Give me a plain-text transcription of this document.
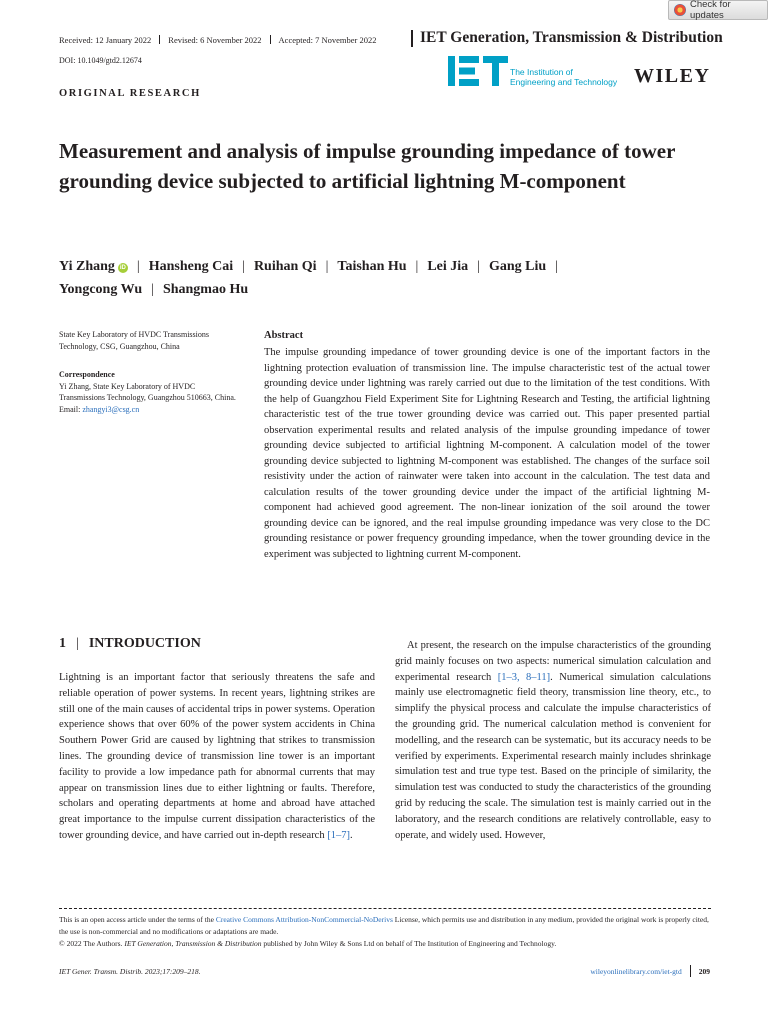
Check for updates
Received: 12 January 2022 Revised: 6 November 2022 Accepted: 7 November 2022	IET Generation, Transmission & Distribution
DOI: 10.1049/gtd2.12674
The Institution of
Engineering and Technology WILEY
ORIGINAL RESEARCH
Measurement and analysis of impulse grounding impedance of tower grounding device subjected to artificial lightning M-component
Yi Zhang iD | Hansheng Cai | Ruihan Qi | Taishan Hu | Lei Jia | Gang Liu |
Yongcong Wu | Shangmao Hu
State Key Laboratory of HVDC Transmissions Technology, CSG, Guangzhou, China
Correspondence
Yi Zhang, State Key Laboratory of HVDC Transmissions Technology, Guangzhou 510663, China.
Email: zhangyi3@csg.cn
Abstract

The impulse grounding impedance of tower grounding device is one of the important factors in the lightning protection evaluation of transmission line. The impulse characteristic test of the actual tower grounding device under lightning was rarely carried out due to the limitation of the test conditions. With the help of Guangzhou Field Experiment Site for Lightning Research and Testing, the artificial lightning characteristic test of the true tower grounding device was carried out. This paper presented partial observation experimental results and related analysis of the impulse grounding impedance of tower grounding device subjected to artificial lightning M-component. A calculation model of the tower grounding device subjected to lightning M-component was established. The changes of the surface soil resistivity under the action of rainwater were taken into account in the calculation. The test data and calculation results of the tower grounding device under the impact of the artificial lightning M-component had achieved good agreement. The non-linear ionization of the soil around the tower grounding device can be ignored, and the real impulse grounding impedance was very close to the DC grounding resistance or power frequency grounding impedance, when the tower grounding device in the experiment was subjected to lightning current M-component.

1 | INTRODUCTION

Lightning is an important factor that seriously threatens the safe and reliable operation of power systems. In recent years, lightning strikes are still one of the main causes of accidental trips in power systems. Operation experience shows that over 60% of the power system accidents in China Southern Power Grid are caused by lightning that strikes to transmission lines. The grounding device of transmission line tower is an important facility to provide a low impedance path for abnormal currents that may appear on transmission lines due to either lightning or faults. Therefore, scholars and operating departments at home and abroad have attached great importance to the impulse current dissipation characteristics of the tower grounding device, and have carried out in-depth research [1–7].

At present, the research on the impulse characteristics of the grounding grid mainly focuses on two aspects: numerical simulation calculation and experimental research [1–3, 8–11]. Numerical simulation calculations mainly use electromagnetic field theory, transmission line theory, etc., to simplify the physical process and calculate the impulse characteristics of the grounding grid. The numerical calculation method is convenient for modelling, and the research can be systematic, but its accuracy needs to be verified by experiments. Experimental research mainly includes shrinkage simulation test and true type test. Based on the principle of similarity, the simulation test was conducted to study the characteristics of the grounding grid by reducing the scale. The simulation test is mainly carried out in the laboratory, and the research conditions are relatively controllable, easy to operate, and widely used. However,

This is an open access article under the terms of the Creative Commons Attribution-NonCommercial-NoDerivs License, which permits use and distribution in any medium, provided the original work is properly cited, the use is non-commercial and no modifications or adaptations are made.
© 2022 The Authors. IET Generation, Transmission & Distribution published by John Wiley & Sons Ltd on behalf of The Institution of Engineering and Technology.
IET Gener. Transm. Distrib. 2023;17:209–218.	wileyonlinelibrary.com/iet-gtd 209
